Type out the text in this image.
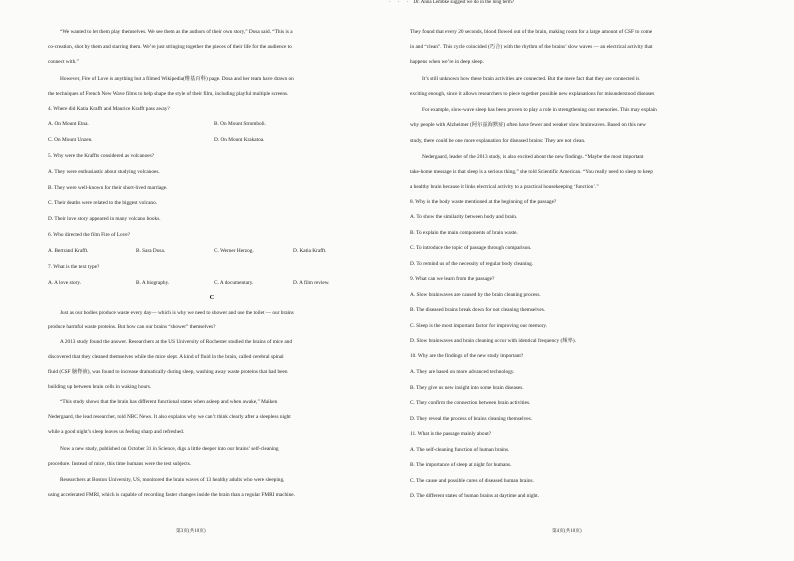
· · · Dr. Anna Lembke suggest we do in the long term?
“We wanted to let them play themselves. We see them as the authors of their own story,” Dosa said. “This is a
co-creation, shot by them and starring them. We’re just stringing together the pieces of their life for the audience to
connect with.”
However, Fire of Love is anything but a filmed Wikipedia(维基百科) page. Dosa and her team have drawn on
the techniques of French New Wave films to help shape the style of their film, including playful multiple screens.
4. Where did Katia Krafft and Maurice Krafft pass away?
A. On Mount Etna.	B. On Mount Stromboli.
C. On Mount Unzen.	D. On Mount Krakatoa.
5. Why were the Kraffts considered as volcanoes?
A. They were enthusiastic about studying volcanoes.
B. They were well-known for their short-lived marriage.
C. Their deaths were related to the biggest volcano.
D. Their love story appeared in many volcano books.
6. Who directed the film Fire of Love?
A. Bertrand Krafft.	B. Sara Dosa.	C. Werner Herzog.	D. Katia Krafft.
7. What is the text type?
A. A love story.	B. A biography.	C. A documentary.	D. A film review.
C
Just as our bodies produce waste every day— which is why we need to shower and use the toilet — our brains
produce harmful waste proteins. But how can our brains “shower” themselves?
A 2013 study found the answer. Researchers at the US University of Rochester studied the brains of mice and
discovered that they cleaned themselves while the mice slept. A kind of fluid in the brain, called cerebral spinal
fluid (CSF 脑脊液), was found to increase dramatically during sleep, washing away waste proteins that had been
building up between brain cells in waking hours.
“This study shows that the brain has different functional states when asleep and when awake,” Maiken
Nedergaard, the lead researcher, told NBC News. It also explains why we can’t think clearly after a sleepless night
while a good night’s sleep leaves us feeling sharp and refreshed.
Now a new study, published on October 31 in Science, digs a little deeper into our brains’ self-cleaning
procedure. Instead of mice, this time humans were the test subjects.
Researchers at Boston University, US, monitored the brain waves of 13 healthy adults who were sleeping,
using accelerated FMRI, which is capable of recording faster changes inside the brain than a regular FMRI machine.
第3页(共10页)
They found that every 20 seconds, blood flowed out of the brain, making room for a large amount of CSF to come
in and “clean”. This cycle coincided (巧合) with the rhythm of the brains’ slow waves — an electrical activity that
happens when we’re in deep sleep.
It’s still unknown how these brain activities are connected. But the mere fact that they are connected is
exciting enough, since it allows researchers to piece together possible new explanations for misunderstood diseases
For example, slow-wave sleep has been proven to play a role in strengthening our memories. This may explain
why people with Alzheimer (阿尔兹海默症) often have fewer and weaker slow brainwaves. Based on this new
study, there could be one more explanation for diseased brains: They are not clean.
Nedergaard, leader of the 2013 study, is also excited about the new findings. “Maybe the most important
take-home message is that sleep is a serious thing,” she told Scientific American. “You really need to sleep to keep
a healthy brain because it links electrical activity to a practical housekeeping ‘function’.”
8. Why is the body waste mentioned at the beginning of the passage?
A. To show the similarity between body and brain.
B. To explain the main components of brain waste.
C. To introduce the topic of passage through comparison.
D. To remind us of the necessity of regular body cleaning.
9. What can we learn from the passage?
A. Slow brainwaves are caused by the brain cleaning process.
B. The diseased brains break down for not cleaning themselves.
C. Sleep is the most important factor for improving our memory.
D. Slow brainwaves and brain cleaning occur with identical frequency (频率).
10. Why are the findings of the new study important?
A. They are based on more advanced technology.
B. They give us new insight into some brain diseases.
C. They confirm the connection between brain activities.
D. They reveal the process of brains cleaning themselves.
11. What is the passage mainly about?
A. The self-cleaning function of human brains.
B. The importance of sleep at night for humans.
C. The cause and possible cures of diseased human brains.
D. The different states of human brains at daytime and night.
第4页(共10页)
